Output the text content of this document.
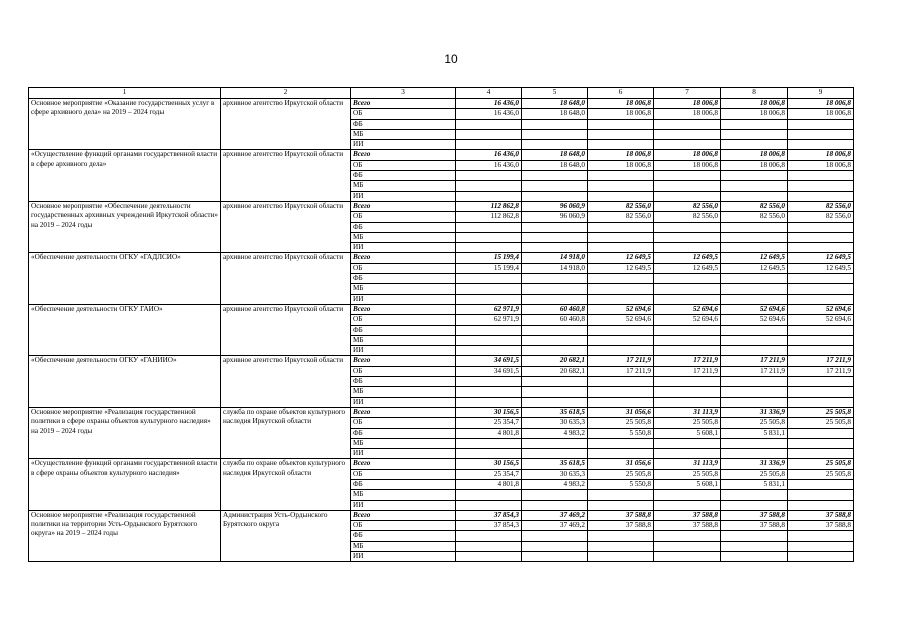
10
1	2	3	4	5	6	7	8	9
Основное мероприятие «Оказание государственных услуг в сфере архивного дела» на 2019 – 2024 годы	архивное агентство Иркутской области	Всего	16 436,0	18 648,0	18 006,8	18 006,8	18 006,8	18 006,8
		ОБ	16 436,0	18 648,0	18 006,8	18 006,8	18 006,8	18 006,8
		ФБ						
		МБ						
		ИИ						
«Осуществление функций органами государственной власти в сфере архивного дела»	архивное агентство Иркутской области	Всего	16 436,0	18 648,0	18 006,8	18 006,8	18 006,8	18 006,8
		ОБ	16 436,0	18 648,0	18 006,8	18 006,8	18 006,8	18 006,8
		ФБ						
		МБ						
		ИИ						
Основное мероприятие «Обеспечение деятельности государственных архивных учреждений Иркутской области» на 2019 – 2024 годы	архивное агентство Иркутской области	Всего	112 862,8	96 060,9	82 556,0	82 556,0	82 556,0	82 556,0
		ОБ	112 862,8	96 060,9	82 556,0	82 556,0	82 556,0	82 556,0
		ФБ						
		МБ						
		ИИ						
«Обеспечение деятельности ОГКУ «ГАДЛСИО»	архивное агентство Иркутской области	Всего	15 199,4	14 918,0	12 649,5	12 649,5	12 649,5	12 649,5
		ОБ	15 199,4	14 918,0	12 649,5	12 649,5	12 649,5	12 649,5
		ФБ						
		МБ						
		ИИ						
«Обеспечение деятельности ОГКУ ГАИО»	архивное агентство Иркутской области	Всего	62 971,9	60 460,8	52 694,6	52 694,6	52 694,6	52 694,6
		ОБ	62 971,9	60 460,8	52 694,6	52 694,6	52 694,6	52 694,6
		ФБ						
		МБ						
		ИИ						
«Обеспечение деятельности ОГКУ «ГАНИИО»	архивное агентство Иркутской области	Всего	34 691,5	20 682,1	17 211,9	17 211,9	17 211,9	17 211,9
		ОБ	34 691,5	20 682,1	17 211,9	17 211,9	17 211,9	17 211,9
		ФБ						
		МБ						
		ИИ						
Основное мероприятие «Реализация государственной политики в сфере охраны объектов культурного наследия» на 2019 – 2024 годы	служба по охране объектов культурного наследия Иркутской области	Всего	30 156,5	35 618,5	31 056,6	31 113,9	31 336,9	25 505,8
		ОБ	25 354,7	30 635,3	25 505,8	25 505,8	25 505,8	25 505,8
		ФБ	4 801,8	4 983,2	5 550,8	5 608,1	5 831,1	
		МБ						
		ИИ						
«Осуществление функций органами государственной власти в сфере охраны объектов культурного наследия»	служба по охране объектов культурного наследия Иркутской области	Всего	30 156,5	35 618,5	31 056,6	31 113,9	31 336,9	25 505,8
		ОБ	25 354,7	30 635,3	25 505,8	25 505,8	25 505,8	25 505,8
		ФБ	4 801,8	4 983,2	5 550,8	5 608,1	5 831,1	
		МБ						
		ИИ						
Основное мероприятие «Реализация государственной политики на территории Усть-Ордынского Бурятского округа» на 2019 – 2024 годы	Администрация Усть-Ордынского Бурятского округа	Всего	37 854,3	37 469,2	37 588,8	37 588,8	37 588,8	37 588,8
		ОБ	37 854,3	37 469,2	37 588,8	37 588,8	37 588,8	37 588,8
		ФБ						
		МБ						
		ИИ						
